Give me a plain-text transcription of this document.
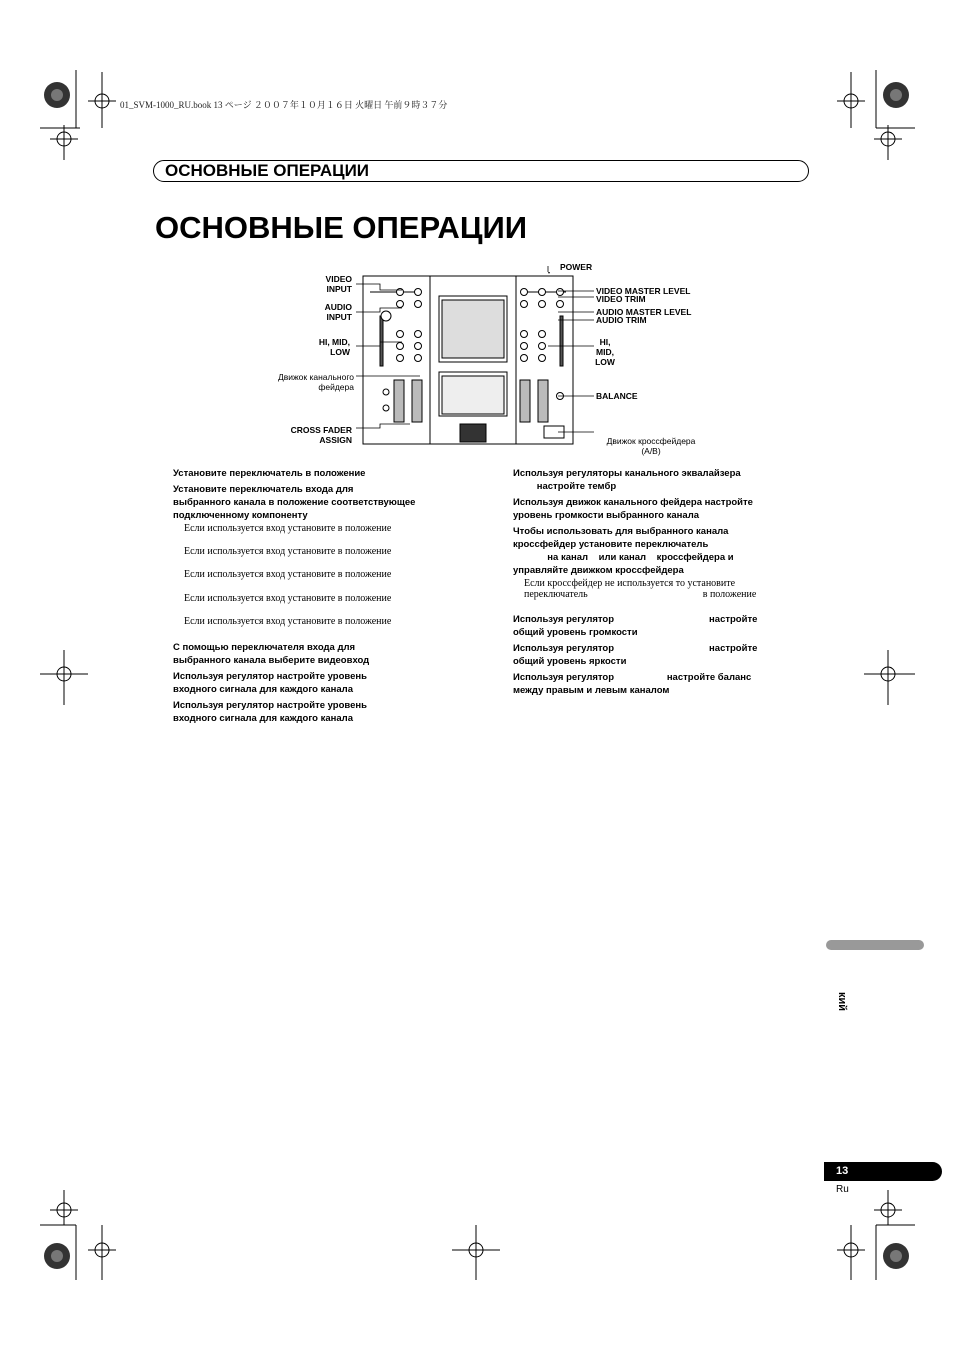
01_SVM-1000_RU.book 13 ページ ２００７年１０月１６日 火曜日 午前９時３７分
ОСНОВНЫЕ ОПЕРАЦИИ
ОСНОВНЫЕ ОПЕРАЦИИ
VIDEO
INPUT
AUDIO
INPUT
HI, MID,
LOW
Движок канального
фейдера
CROSS FADER
ASSIGN
POWER
VIDEO MASTER LEVEL
VIDEO TRIM
AUDIO MASTER LEVEL
AUDIO TRIM
HI, MID,
LOW
BALANCE
Движок кроссфейдера
(A/B)
Установите переключатель в положение
Установите переключатель входа для
выбранного канала в положение соответствующее
подключенному компоненту
Если используется вход установите в положение
Если используется вход установите в положение
Если используется вход установите в положение
Если используется вход установите в положение
Если используется вход установите в положение
С помощью переключателя входа для
выбранного канала выберите видеовход
Используя регулятор настройте уровень
входного сигнала для каждого канала
Используя регулятор настройте уровень
входного сигнала для каждого канала
Используя регуляторы канального эквалайзера
настройте тембр
Используя движок канального фейдера настройте
уровень громкости выбранного канала
Чтобы использовать для выбранного канала
кроссфейдер установите переключатель
на канал    или канал    кроссфейдера и
управляйте движком кроссфейдера
Если кроссфейдер не используется то установите
переключатель                                              в положение
Используя регулятор                                    настройте
общий уровень громкости
Используя регулятор                                    настройте
общий уровень яркости
Используя регулятор                    настройте баланс
между правым и левым каналом
кий
13
Ru
